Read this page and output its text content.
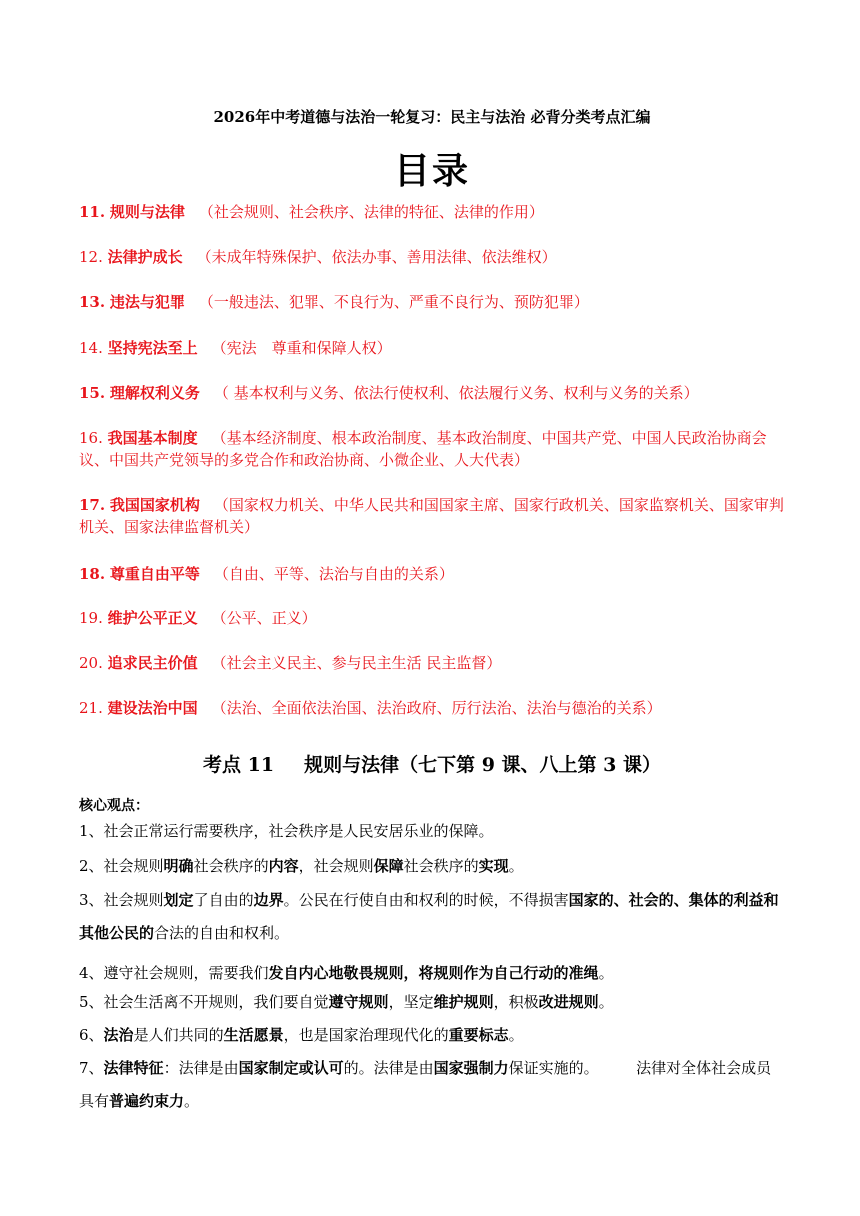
2026年中考道德与法治一轮复习：民主与法治 必背分类考点汇编
目录
11. 规则与法律 （社会规则、社会秩序、法律的特征、法律的作用）
12. 法律护成长 （未成年特殊保护、依法办事、善用法律、依法维权）
13. 违法与犯罪 （一般违法、犯罪、不良行为、严重不良行为、预防犯罪）
14. 坚持宪法至上 （宪法　尊重和保障人权）
15. 理解权利义务 （ 基本权利与义务、依法行使权利、依法履行义务、权利与义务的关系）
16. 我国基本制度 （基本经济制度、根本政治制度、基本政治制度、中国共产党、中国人民政治协商会议、中国共产党领导的多党合作和政治协商、小微企业、人大代表）
17. 我国国家机构 （国家权力机关、中华人民共和国国家主席、国家行政机关、国家监察机关、国家审判机关、国家法律监督机关）
18. 尊重自由平等 （自由、平等、法治与自由的关系）
19. 维护公平正义 （公平、正义）
20. 追求民主价值 （社会主义民主、参与民主生活 民主监督）
21. 建设法治中国 （法治、全面依法治国、法治政府、厉行法治、法治与德治的关系）
考点 11 规则与法律（七下第 9 课、八上第 3 课）
核心观点：
1、社会正常运行需要秩序，社会秩序是人民安居乐业的保障。
2、社会规则明确社会秩序的内容，社会规则保障社会秩序的实现。
3、社会规则划定了自由的边界。公民在行使自由和权利的时候，不得损害国家的、社会的、集体的利益和其他公民的合法的自由和权利。
4、遵守社会规则，需要我们发自内心地敬畏规则，将规则作为自己行动的准绳。
5、社会生活离不开规则，我们要自觉遵守规则，坚定维护规则，积极改进规则。
6、法治是人们共同的生活愿景，也是国家治理现代化的重要标志。
7、法律特征：法律是由国家制定或认可的。法律是由国家强制力保证实施的。　　　法律对全体社会成员具有普遍约束力。
